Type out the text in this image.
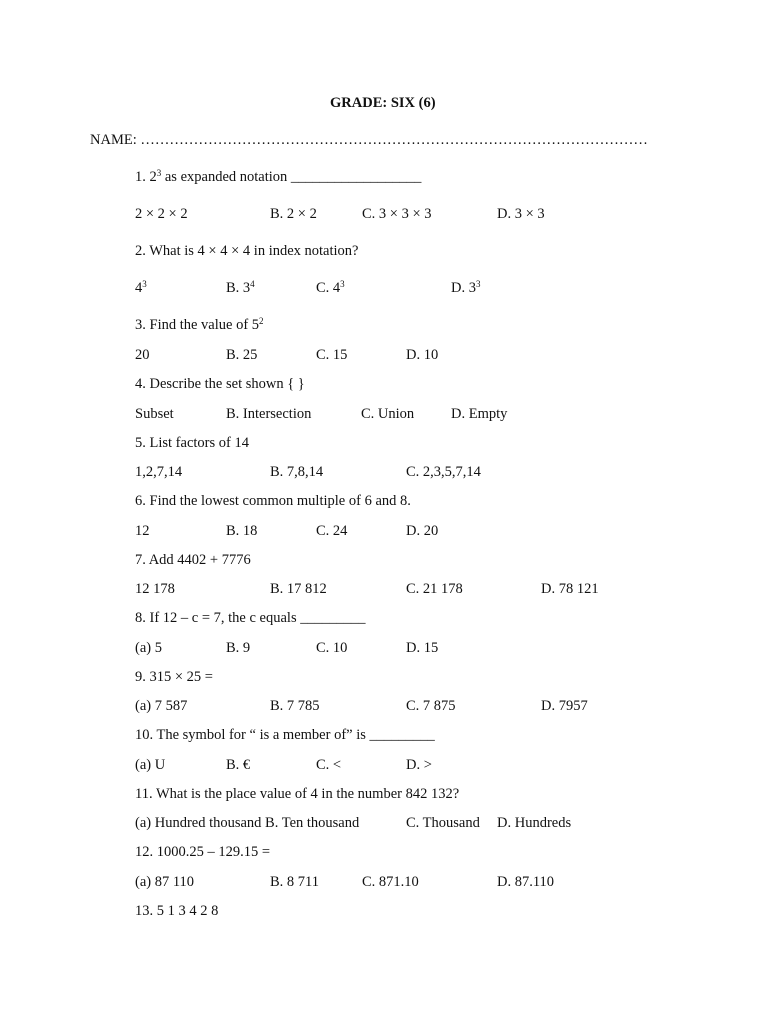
GRADE: SIX (6)
NAME: ……………………………………………………………………………………………
1. $2^3$ as expanded notation __________________
2 × 2 × 2	B. 2 × 2	C. 3 × 3 × 3	D. 3 × 3
2. What is 4 × 4 × 4 in index notation?
$4^3$	B. $3^4$	C. $4^3$	D. $3^3$
3. Find the value of $5^2$
20	B. 25	C. 15	D. 10
4. Describe the set shown { }
Subset	B. Intersection	C. Union	D. Empty
5. List factors of 14
1,2,7,14	B. 7,8,14	C. 2,3,5,7,14
6. Find the lowest common multiple of 6 and 8.
12	B. 18	C. 24	D. 20
7. Add 4402 + 7776
12 178	B. 17 812	C. 21 178	D. 78 121
8. If 12 – c = 7, the c equals _________
(a) 5	B. 9	C. 10	D. 15
9. 315 × 25 =
(a) 7 587	B. 7 785	C. 7 875	D. 7957
10. The symbol for “ is a member of” is _________
(a) U	B. €	C. <	D. >
11. What is the place value of 4 in the number 842 132?
(a) Hundred thousand B. Ten thousand	C. Thousand D. Hundreds
12. 1000.25 – 129.15 =
(a) 87 110	B. 8 711	C. 871.10	D. 87.110
13. 5 1 3 4 2 8
